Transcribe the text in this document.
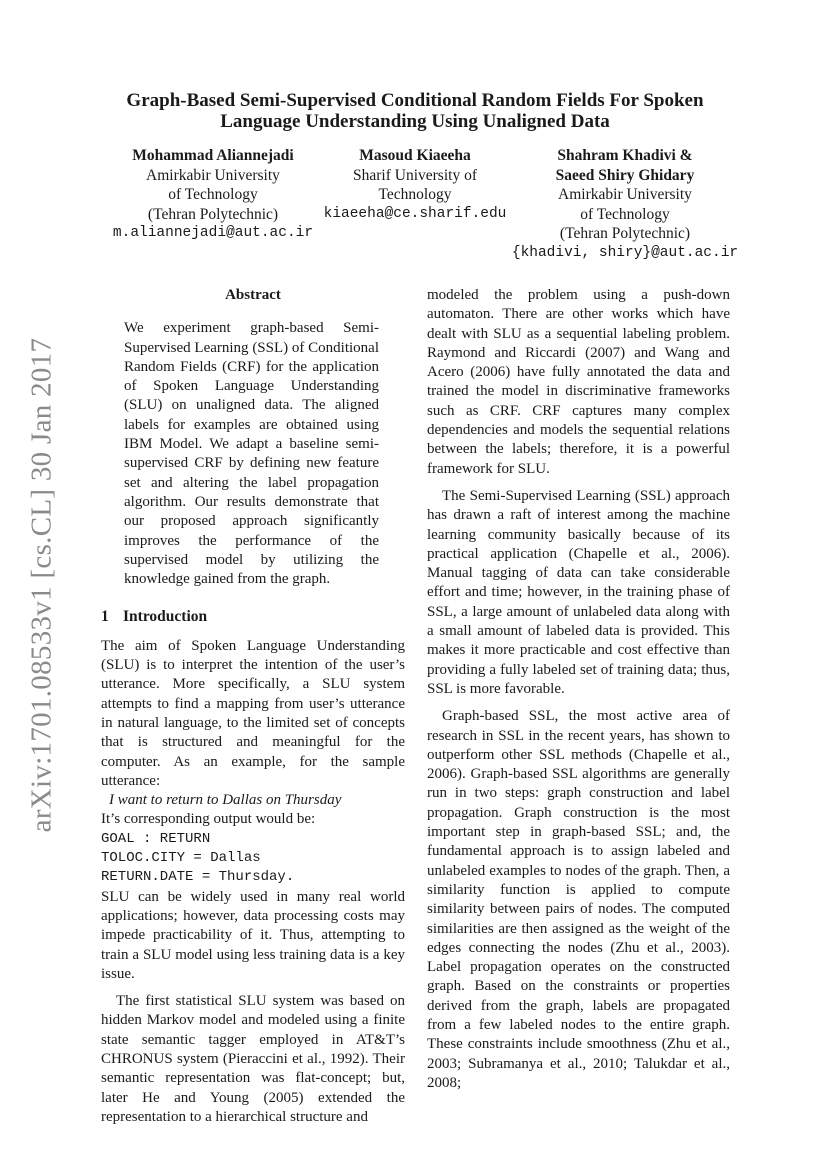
arXiv:1701.08533v1 [cs.CL] 30 Jan 2017
Graph-Based Semi-Supervised Conditional Random Fields For Spoken
Language Understanding Using Unaligned Data
Mohammad Aliannejadi
Amirkabir University
of Technology
(Tehran Polytechnic)
m.aliannejadi@aut.ac.ir
Masoud Kiaeeha
Sharif University of
Technology
kiaeeha@ce.sharif.edu
Shahram Khadivi &
Saeed Shiry Ghidary
Amirkabir University
of Technology
(Tehran Polytechnic)
{khadivi, shiry}@aut.ac.ir
Abstract

We experiment graph-based Semi-Supervised Learning (SSL) of Conditional Random Fields (CRF) for the application of Spoken Language Understanding (SLU) on unaligned data. The aligned labels for examples are obtained using IBM Model. We adapt a baseline semi-supervised CRF by defining new feature set and altering the label propagation algorithm. Our results demonstrate that our proposed approach significantly improves the performance of the supervised model by utilizing the knowledge gained from the graph.

1 Introduction

The aim of Spoken Language Understanding (SLU) is to interpret the intention of the user’s utterance. More specifically, a SLU system attempts to find a mapping from user’s utterance in natural language, to the limited set of concepts that is structured and meaningful for the computer. As an example, for the sample utterance:

I want to return to Dallas on Thursday
It’s corresponding output would be:
GOAL : RETURN
TOLOC.CITY = Dallas
RETURN.DATE = Thursday.

SLU can be widely used in many real world applications; however, data processing costs may impede practicability of it. Thus, attempting to train a SLU model using less training data is a key issue.

The first statistical SLU system was based on hidden Markov model and modeled using a finite state semantic tagger employed in AT&T’s CHRONUS system (Pieraccini et al., 1992). Their semantic representation was flat-concept; but, later He and Young (2005) extended the representation to a hierarchical structure and

modeled the problem using a push-down automaton. There are other works which have dealt with SLU as a sequential labeling problem. Raymond and Riccardi (2007) and Wang and Acero (2006) have fully annotated the data and trained the model in discriminative frameworks such as CRF. CRF captures many complex dependencies and models the sequential relations between the labels; therefore, it is a powerful framework for SLU.

The Semi-Supervised Learning (SSL) approach has drawn a raft of interest among the machine learning community basically because of its practical application (Chapelle et al., 2006). Manual tagging of data can take considerable effort and time; however, in the training phase of SSL, a large amount of unlabeled data along with a small amount of labeled data is provided. This makes it more practicable and cost effective than providing a fully labeled set of training data; thus, SSL is more favorable.

Graph-based SSL, the most active area of research in SSL in the recent years, has shown to outperform other SSL methods (Chapelle et al., 2006). Graph-based SSL algorithms are generally run in two steps: graph construction and label propagation. Graph construction is the most important step in graph-based SSL; and, the fundamental approach is to assign labeled and unlabeled examples to nodes of the graph. Then, a similarity function is applied to compute similarity between pairs of nodes. The computed similarities are then assigned as the weight of the edges connecting the nodes (Zhu et al., 2003). Label propagation operates on the constructed graph. Based on the constraints or properties derived from the graph, labels are propagated from a few labeled nodes to the entire graph. These constraints include smoothness (Zhu et al., 2003; Subramanya et al., 2010; Talukdar et al., 2008;
